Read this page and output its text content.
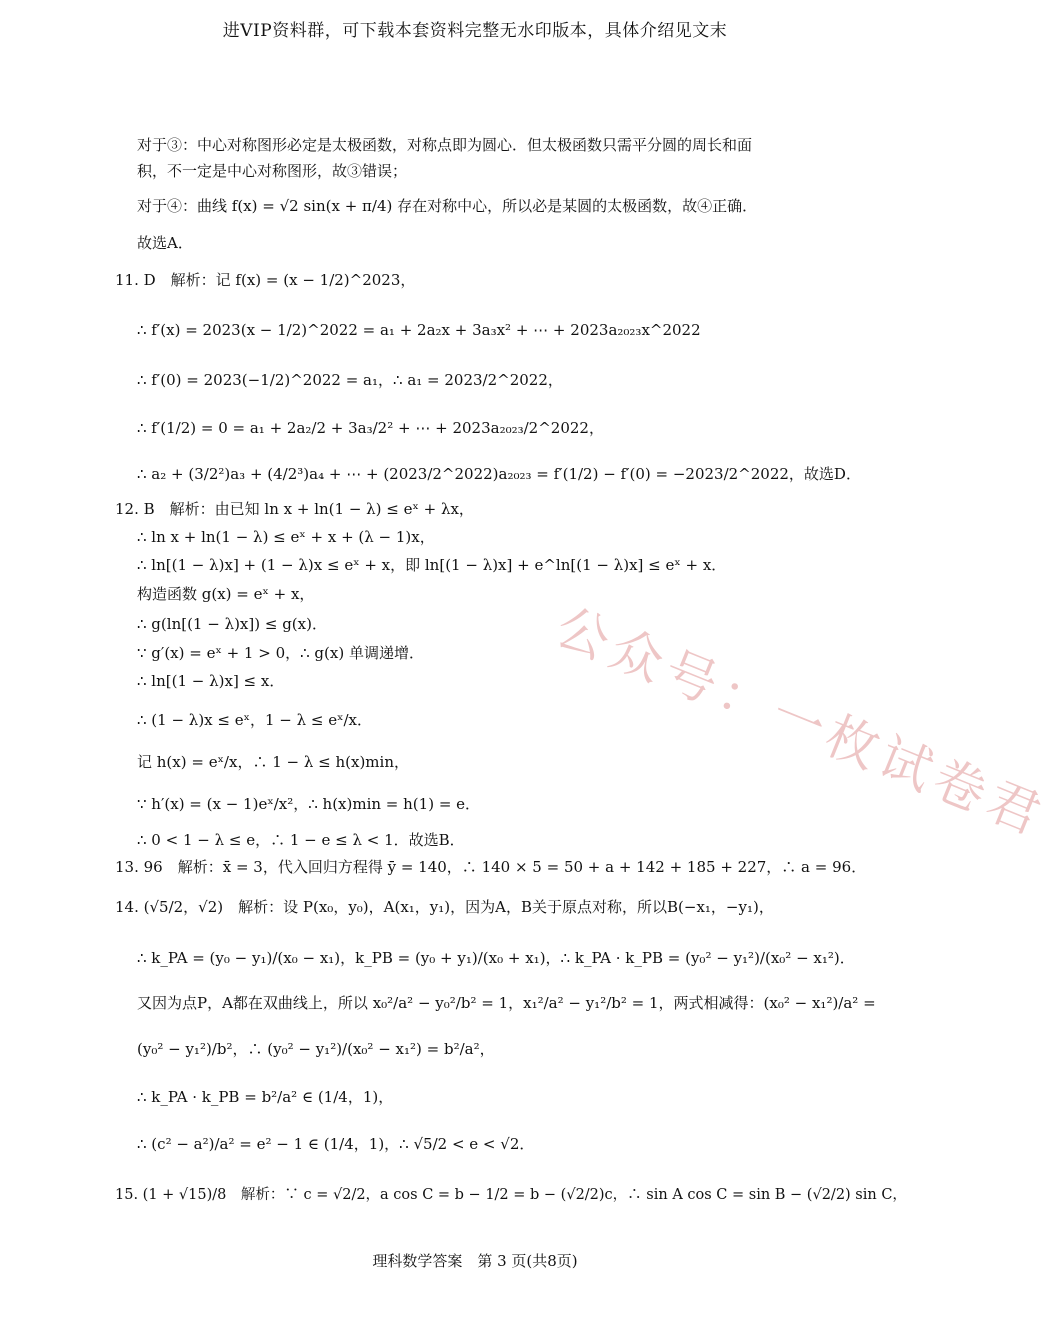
进VIP资料群，可下载本套资料完整无水印版本，具体介绍见文末
对于③：中心对称图形必定是太极函数，对称点即为圆心．但太极函数只需平分圆的周长和面
积，不一定是中心对称图形，故③错误；
对于④：曲线 f(x) = √2 sin(x + π/4) 存在对称中心，所以必是某圆的太极函数，故④正确．
故选A．
11. D　解析：记 f(x) = (x − 1/2)^2023，
∴ f′(x) = 2023(x − 1/2)^2022 = a₁ + 2a₂x + 3a₃x² + ⋯ + 2023a₂₀₂₃x^2022
∴ f′(0) = 2023(−1/2)^2022 = a₁，∴ a₁ = 2023/2^2022，
∴ f′(1/2) = 0 = a₁ + 2a₂/2 + 3a₃/2² + ⋯ + 2023a₂₀₂₃/2^2022，
∴ a₂ + (3/2²)a₃ + (4/2³)a₄ + ⋯ + (2023/2^2022)a₂₀₂₃ = f′(1/2) − f′(0) = −2023/2^2022，故选D．
12. B　解析：由已知 ln x + ln(1 − λ) ≤ eˣ + λx，
∴ ln x + ln(1 − λ) ≤ eˣ + x + (λ − 1)x，
∴ ln[(1 − λ)x] + (1 − λ)x ≤ eˣ + x，即 ln[(1 − λ)x] + e^ln[(1 − λ)x] ≤ eˣ + x．
构造函数 g(x) = eˣ + x，
∴ g(ln[(1 − λ)x]) ≤ g(x)．
∵ g′(x) = eˣ + 1 > 0，∴ g(x) 单调递增．
∴ ln[(1 − λ)x] ≤ x．
∴ (1 − λ)x ≤ eˣ，1 − λ ≤ eˣ/x．
记 h(x) = eˣ/x，∴ 1 − λ ≤ h(x)min，
∵ h′(x) = (x − 1)eˣ/x²，∴ h(x)min = h(1) = e．
∴ 0 < 1 − λ ≤ e，∴ 1 − e ≤ λ < 1．故选B．
13. 96　解析：x̄ = 3，代入回归方程得 ȳ = 140，∴ 140 × 5 = 50 + a + 142 + 185 + 227，∴ a = 96．
14. (√5/2，√2)　解析：设 P(x₀，y₀)，A(x₁，y₁)，因为A，B关于原点对称，所以B(−x₁，−y₁)，
∴ k_PA = (y₀ − y₁)/(x₀ − x₁)，k_PB = (y₀ + y₁)/(x₀ + x₁)，∴ k_PA · k_PB = (y₀² − y₁²)/(x₀² − x₁²)．
又因为点P，A都在双曲线上，所以 x₀²/a² − y₀²/b² = 1，x₁²/a² − y₁²/b² = 1，两式相减得：(x₀² − x₁²)/a² =
(y₀² − y₁²)/b²，∴ (y₀² − y₁²)/(x₀² − x₁²) = b²/a²，
∴ k_PA · k_PB = b²/a² ∈ (1/4，1)，
∴ (c² − a²)/a² = e² − 1 ∈ (1/4，1)，∴ √5/2 < e < √2．
15. (1 + √15)/8　解析：∵ c = √2/2，a cos C = b − 1/2 = b − (√2/2)c，∴ sin A cos C = sin B − (√2/2) sin C，
公众号：一枚试卷君
理科数学答案　第 3 页(共8页)
